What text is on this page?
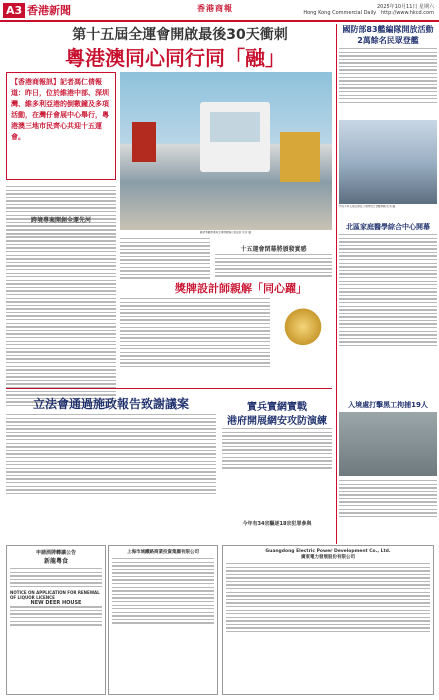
A3 香港新聞	香港商報	2025年10月11日 星期六
Hong Kong Commercial Daily http://www.hkcd.com
第十五屆全運會開啟最後30天衝刺
粵港澳同心同行同「融」
【香港商報訊】記者馮仁倩報道：昨日，位於維港中部、深圳灣、維多利亞港的倒數鐘及多項活動，在灣仔會展中心舉行，粵港澳三地市民齊心共迎十五運會。
觀眾參觀維港與全運倒數鐘合照留影 記者 攝
跨境專案開創全運先河
十五運會閉幕將頒發實感
獎牌設計師親解「同心躍」
立法會通過施政報告致謝議案	實兵實網實戰
港府開展網安攻防演練
今年有34宗驅逐18宗犯罪參與
申請酒牌轉讓公告
新龍粵食
NOTICE ON APPLICATION FOR RENEWAL OF LIQUOR LICENCE
NEW DEER HOUSE
上海市城鐵路商業投資集團有限公司	Guangdong Electric Power Development Co., Ltd.
廣東電力發展股份有限公司
國防部83艦編隊開放活動
2萬餘名民眾登艦
市民手持五星紅旗在公眾開放日登艦參觀 記者 攝
北區家庭醫學綜合中心開幕
入境處打擊黑工拘捕19人
